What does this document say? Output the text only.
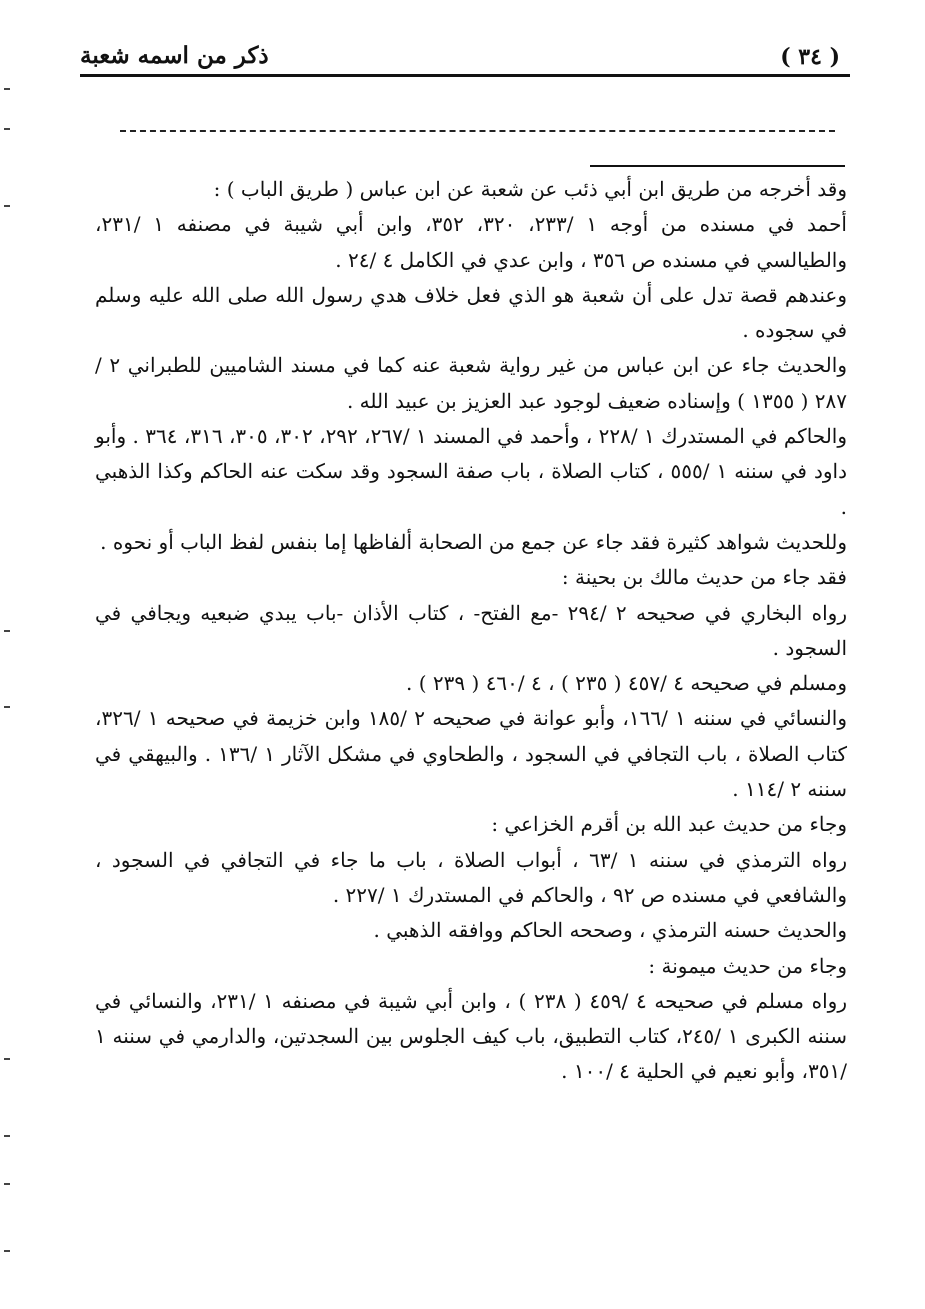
( ٣٤ )
ذكر من اسمه شعبة

وقد أخرجه من طريق ابن أبي ذئب عن شعبة عن ابن عباس ( طريق الباب ) :

أحمد في مسنده من أوجه ١ /٢٣٣، ٣٢٠، ٣٥٢، وابن أبي شيبة في مصنفه ١ /٢٣١، والطيالسي في مسنده ص ٣٥٦ ، وابن عدي في الكامل ٤ /٢٤ .

وعندهم قصة تدل على أن شعبة هو الذي فعل خلاف هدي رسول الله صلى الله عليه وسلم في سجوده .

والحديث جاء عن ابن عباس من غير رواية شعبة عنه كما في مسند الشاميين للطبراني ٢ /٢٨٧ ( ١٣٥٥ ) وإسناده ضعيف لوجود عبد العزيز بن عبيد الله .

والحاكم في المستدرك ١ /٢٢٨ ، وأحمد في المسند ١ /٢٦٧، ٢٩٢، ٣٠٢، ٣٠٥، ٣١٦، ٣٦٤ . وأبو داود في سننه ١ /٥٥٥ ، كتاب الصلاة ، باب صفة السجود وقد سكت عنه الحاكم وكذا الذهبي .

وللحديث شواهد كثيرة فقد جاء عن جمع من الصحابة ألفاظها إما بنفس لفظ الباب أو نحوه .

فقد جاء من حديث مالك بن بحينة :

رواه البخاري في صحيحه ٢ /٢٩٤ -مع الفتح- ، كتاب الأذان -باب يبدي ضبعيه ويجافي في السجود .

ومسلم في صحيحه ٤ /٤٥٧ ( ٢٣٥ ) ، ٤ /٤٦٠ ( ٢٣٩ ) .

والنسائي في سننه ١ /١٦٦، وأبو عوانة في صحيحه ٢ /١٨٥ وابن خزيمة في صحيحه ١ /٣٢٦، كتاب الصلاة ، باب التجافي في السجود ، والطحاوي في مشكل الآثار ١ /١٣٦ . والبيهقي في سننه ٢ /١١٤ .

وجاء من حديث عبد الله بن أقرم الخزاعي :

رواه الترمذي في سننه ١ /٦٣ ، أبواب الصلاة ، باب ما جاء في التجافي في السجود ، والشافعي في مسنده ص ٩٢ ، والحاكم في المستدرك ١ /٢٢٧ .

والحديث حسنه الترمذي ، وصححه الحاكم ووافقه الذهبي .

وجاء من حديث ميمونة :

رواه مسلم في صحيحه ٤ /٤٥٩ ( ٢٣٨ ) ، وابن أبي شيبة في مصنفه ١ /٢٣١، والنسائي في سننه الكبرى ١ /٢٤٥، كتاب التطبيق، باب كيف الجلوس بين السجدتين، والدارمي في سننه ١ /٣٥١، وأبو نعيم في الحلية ٤ /١٠٠ .
